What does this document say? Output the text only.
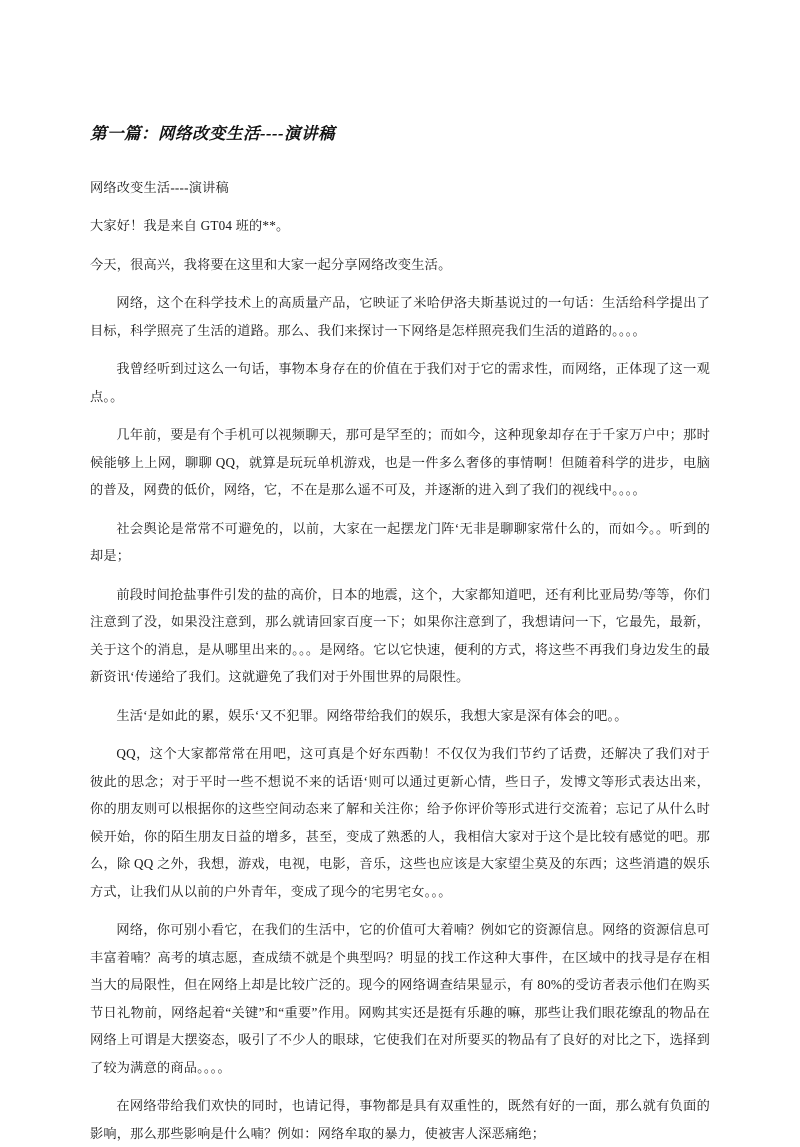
第一篇：网络改变生活----演讲稿

网络改变生活----演讲稿

大家好！我是来自 GT04 班的**。

今天，很高兴，我将要在这里和大家一起分享网络改变生活。

网络，这个在科学技术上的高质量产品，它映证了米哈伊洛夫斯基说过的一句话：生活给科学提出了目标，科学照亮了生活的道路。那么、我们来探讨一下网络是怎样照亮我们生活的道路的。。。。

我曾经听到过这么一句话，事物本身存在的价值在于我们对于它的需求性，而网络，正体现了这一观点。。

几年前，要是有个手机可以视频聊天，那可是罕至的；而如今，这种现象却存在于千家万户中；那时候能够上上网，聊聊 QQ，就算是玩玩单机游戏，也是一件多么奢侈的事情啊！但随着科学的进步，电脑的普及，网费的低价，网络，它，不在是那么遥不可及，并逐渐的进入到了我们的视线中。。。。

社会舆论是常常不可避免的，以前，大家在一起摆龙门阵‘无非是聊聊家常什么的，而如今。。听到的却是；

前段时间抢盐事件引发的盐的高价，日本的地震，这个，大家都知道吧，还有利比亚局势/等等，你们注意到了没，如果没注意到，那么就请回家百度一下；如果你注意到了，我想请问一下，它最先，最新，关于这个的消息，是从哪里出来的。。。是网络。它以它快速，便利的方式，将这些不再我们身边发生的最新资讯‘传递给了我们。这就避免了我们对于外围世界的局限性。

生活‘是如此的累，娱乐‘又不犯罪。网络带给我们的娱乐，我想大家是深有体会的吧。。

QQ，这个大家都常常在用吧，这可真是个好东西勒！不仅仅为我们节约了话费，还解决了我们对于彼此的思念；对于平时一些不想说不来的话语‘则可以通过更新心情，些日子，发博文等形式表达出来，你的朋友则可以根据你的这些空间动态来了解和关注你；给予你评价等形式进行交流着；忘记了从什么时候开始，你的陌生朋友日益的增多，甚至，变成了熟悉的人，我相信大家对于这个是比较有感觉的吧。那么，除 QQ 之外，我想，游戏，电视，电影，音乐，这些也应该是大家望尘莫及的东西；这些消遣的娱乐方式，让我们从以前的户外青年，变成了现今的宅男宅女。。。

网络，你可别小看它，在我们的生活中，它的价值可大着喃？例如它的资源信息。网络的资源信息可丰富着喃？高考的填志愿，查成绩不就是个典型吗？明显的找工作这种大事件，在区域中的找寻是存在相当大的局限性，但在网络上却是比较广泛的。现今的网络调查结果显示，有 80%的受访者表示他们在购买节日礼物前，网络起着“关键”和“重要”作用。网购其实还是挺有乐趣的嘛，那些让我们眼花缭乱的物品在网络上可谓是大摆姿态，吸引了不少人的眼球，它使我们在对所要买的物品有了良好的对比之下，选择到了较为满意的商品。。。。

在网络带给我们欢快的同时，也请记得，事物都是具有双重性的，既然有好的一面，那么就有负面的影响，那么那些影响是什么喃？例如：网络牟取的暴力，使被害人深恶痛绝；
